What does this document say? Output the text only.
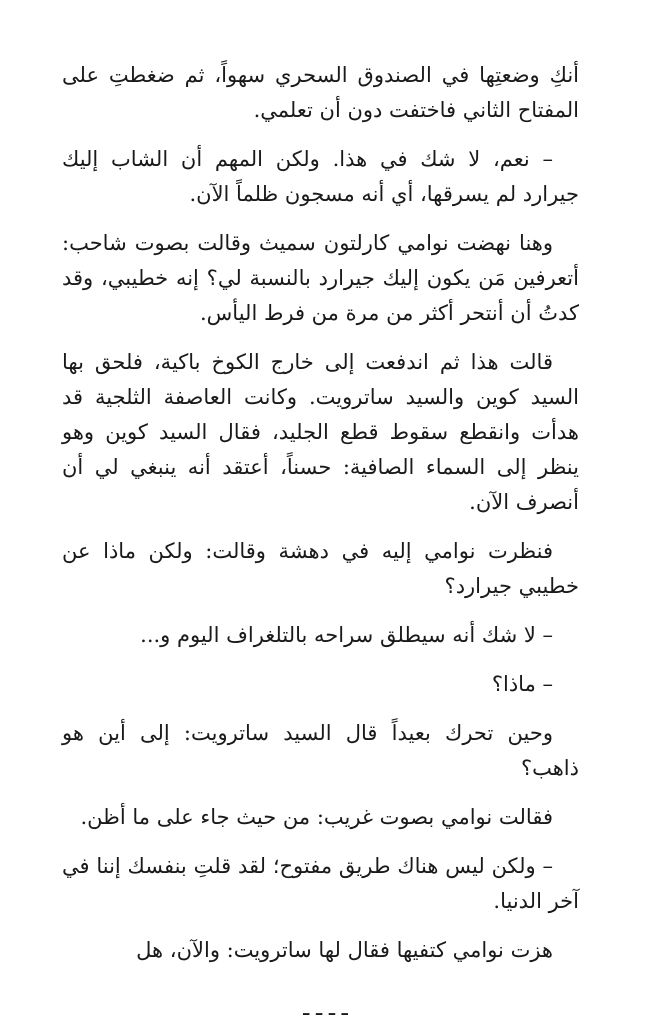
أنكِ وضعتِها في الصندوق السحري سهواً، ثم ضغطتِ على المفتاح الثاني فاختفت دون أن تعلمي.

– نعم، لا شك في هذا. ولكن المهم أن الشاب إليك جيرارد لم يسرقها، أي أنه مسجون ظلماً الآن.

وهنا نهضت نوامي كارلتون سميث وقالت بصوت شاحب: أتعرفين مَن يكون إليك جيرارد بالنسبة لي؟ إنه خطيبي، وقد كدتُ أن أنتحر أكثر من مرة من فرط اليأس.

قالت هذا ثم اندفعت إلى خارج الكوخ باكية، فلحق بها السيد كوين والسيد ساترويت. وكانت العاصفة الثلجية قد هدأت وانقطع سقوط قطع الجليد، فقال السيد كوين وهو ينظر إلى السماء الصافية: حسناً، أعتقد أنه ينبغي لي أن أنصرف الآن.

فنظرت نوامي إليه في دهشة وقالت: ولكن ماذا عن خطيبي جيرارد؟

– لا شك أنه سيطلق سراحه بالتلغراف اليوم و...

– ماذا؟

وحين تحرك بعيداً قال السيد ساترويت: إلى أين هو ذاهب؟

فقالت نوامي بصوت غريب: من حيث جاء على ما أظن.

– ولكن ليس هناك طريق مفتوح؛ لقد قلتِ بنفسك إننا في آخر الدنيا.

هزت نوامي كتفيها فقال لها ساترويت: والآن، هل

ـ ـ ـ ـ
